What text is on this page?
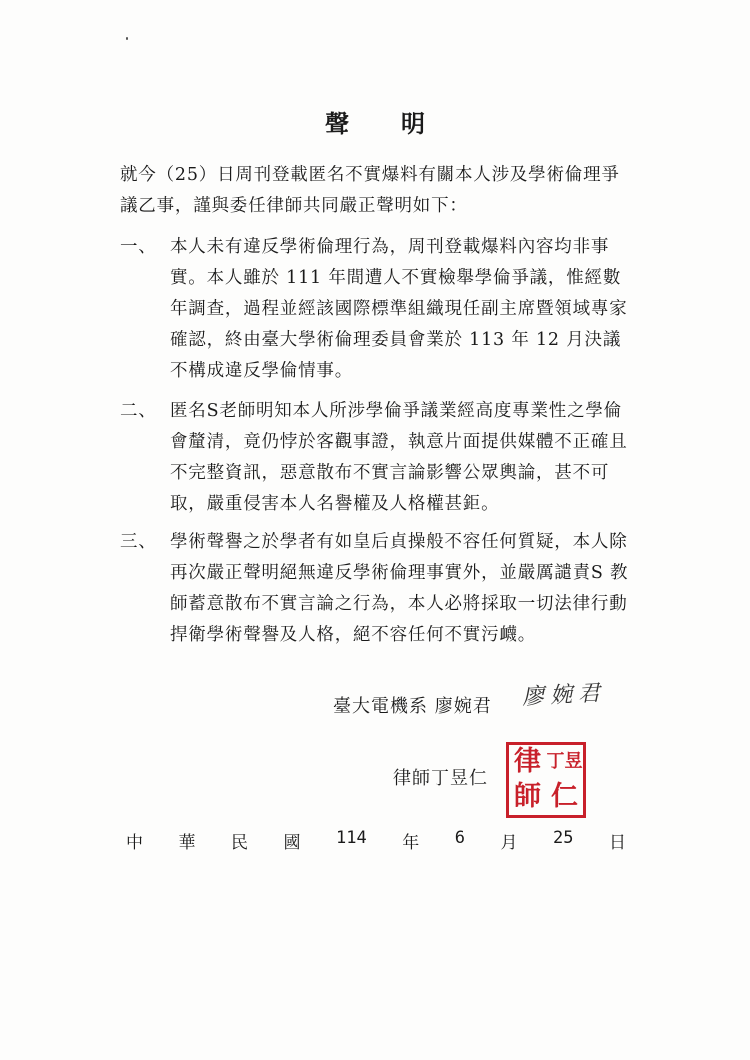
聲明
就今（25）日周刊登載匿名不實爆料有關本人涉及學術倫理爭議乙事，謹與委任律師共同嚴正聲明如下：
一、 本人未有違反學術倫理行為，周刊登載爆料內容均非事實。本人雖於 111 年間遭人不實檢舉學倫爭議，惟經數年調查，過程並經該國際標準組織現任副主席暨領域專家確認，終由臺大學術倫理委員會業於 113 年 12 月決議不構成違反學倫情事。
二、 匿名S老師明知本人所涉學倫爭議業經高度專業性之學倫會釐清，竟仍悖於客觀事證，執意片面提供媒體不正確且不完整資訊，惡意散布不實言論影響公眾輿論，甚不可取，嚴重侵害本人名譽權及人格權甚鉅。
三、 學術聲譽之於學者有如皇后貞操般不容任何質疑，本人除再次嚴正聲明絕無違反學術倫理事實外，並嚴厲譴責S 教師蓄意散布不實言論之行為，本人必將採取一切法律行動捍衛學術聲譽及人格，絕不容任何不實污衊。
臺大電機系 廖婉君 廖婉君
律師丁昱仁
丁昱
律
師 仁
中 華 民 國 114 年 6 月 25 日
